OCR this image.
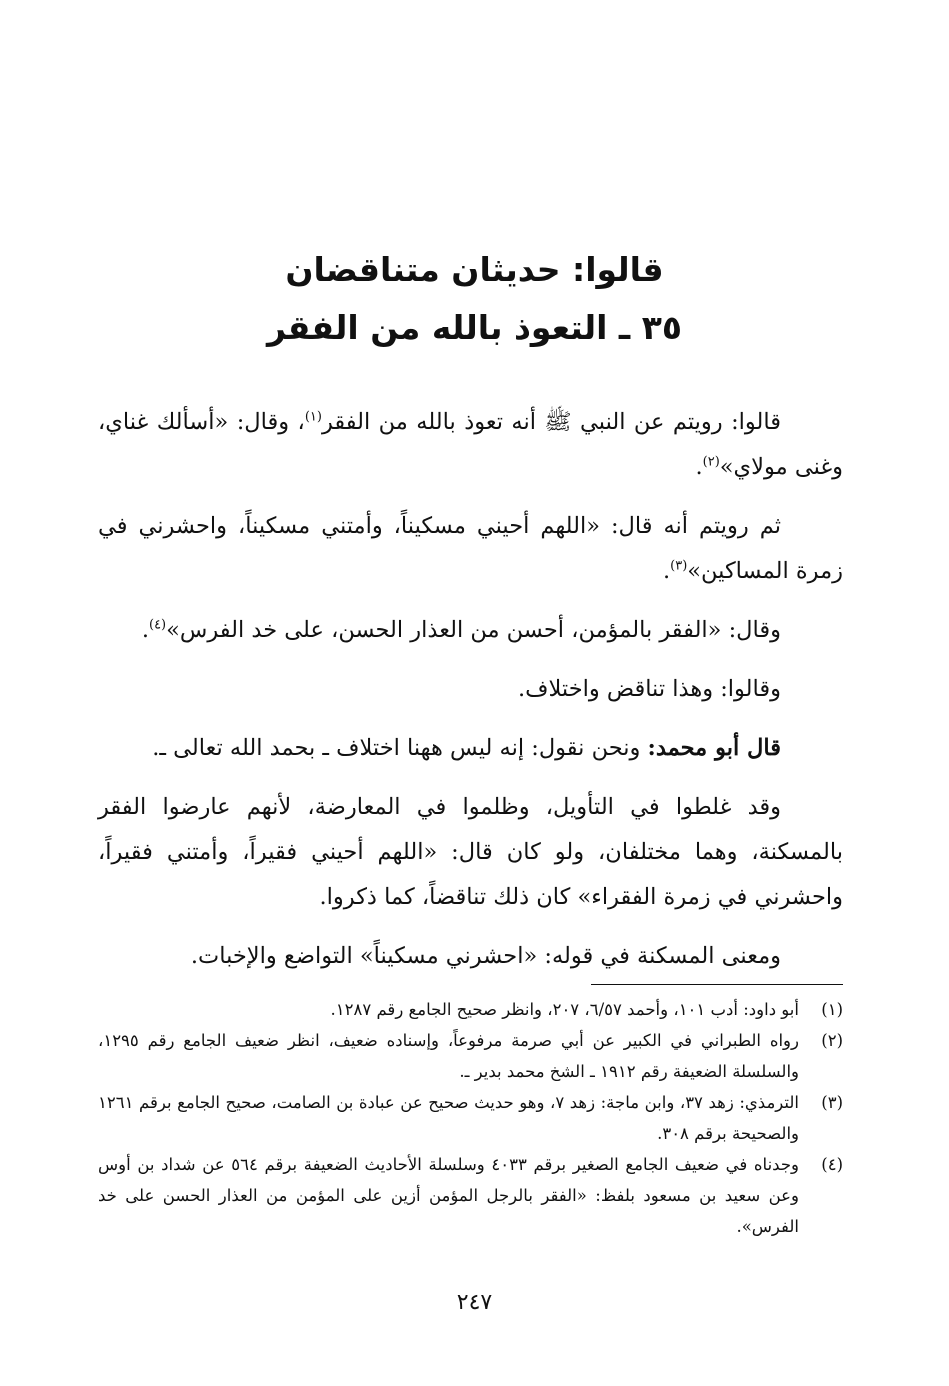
قالوا: حديثان متناقضان
٣٥ ـ التعوذ بالله من الفقر

قالوا: رويتم عن النبي ﷺ أنه تعوذ بالله من الفقر$^{(١)}$، وقال: «أسألك غناي، وغنى مولاي»$^{(٢)}$.

ثم رويتم أنه قال: «اللهم أحيني مسكيناً، وأمتني مسكيناً، واحشرني في زمرة المساكين»$^{(٣)}$.

وقال: «الفقر بالمؤمن، أحسن من العذار الحسن، على خد الفرس»$^{(٤)}$.

وقالوا: وهذا تناقض واختلاف.

قال أبو محمد: ونحن نقول: إنه ليس ههنا اختلاف ـ بحمد الله تعالى ـ.

وقد غلطوا في التأويل، وظلموا في المعارضة، لأنهم عارضوا الفقر بالمسكنة، وهما مختلفان، ولو كان قال: «اللهم أحيني فقيراً، وأمتني فقيراً، واحشرني في زمرة الفقراء» كان ذلك تناقضاً، كما ذكروا.

ومعنى المسكنة في قوله: «احشرني مسكيناً» التواضع والإخبات.

(١)
أبو داود: أدب ١٠١، وأحمد ٦/٥٧، ٢٠٧، وانظر صحيح الجامع رقم ١٢٨٧.
(٢)
رواه الطبراني في الكبير عن أبي صرمة مرفوعاً، وإسناده ضعيف، انظر ضعيف الجامع رقم ١٢٩٥، والسلسلة الضعيفة رقم ١٩١٢ ـ الشخ محمد بدير ـ.
(٣)
الترمذي: زهد ٣٧، وابن ماجة: زهد ٧، وهو حديث صحيح عن عبادة بن الصامت، صحيح الجامع برقم ١٢٦١ والصحيحة برقم ٣٠٨.
(٤)
وجدناه في ضعيف الجامع الصغير برقم ٤٠٣٣ وسلسلة الأحاديث الضعيفة برقم ٥٦٤ عن شداد بن أوس وعن سعيد بن مسعود بلفظ: «الفقر بالرجل المؤمن أزين على المؤمن من العذار الحسن على خد الفرس».
٢٤٧
